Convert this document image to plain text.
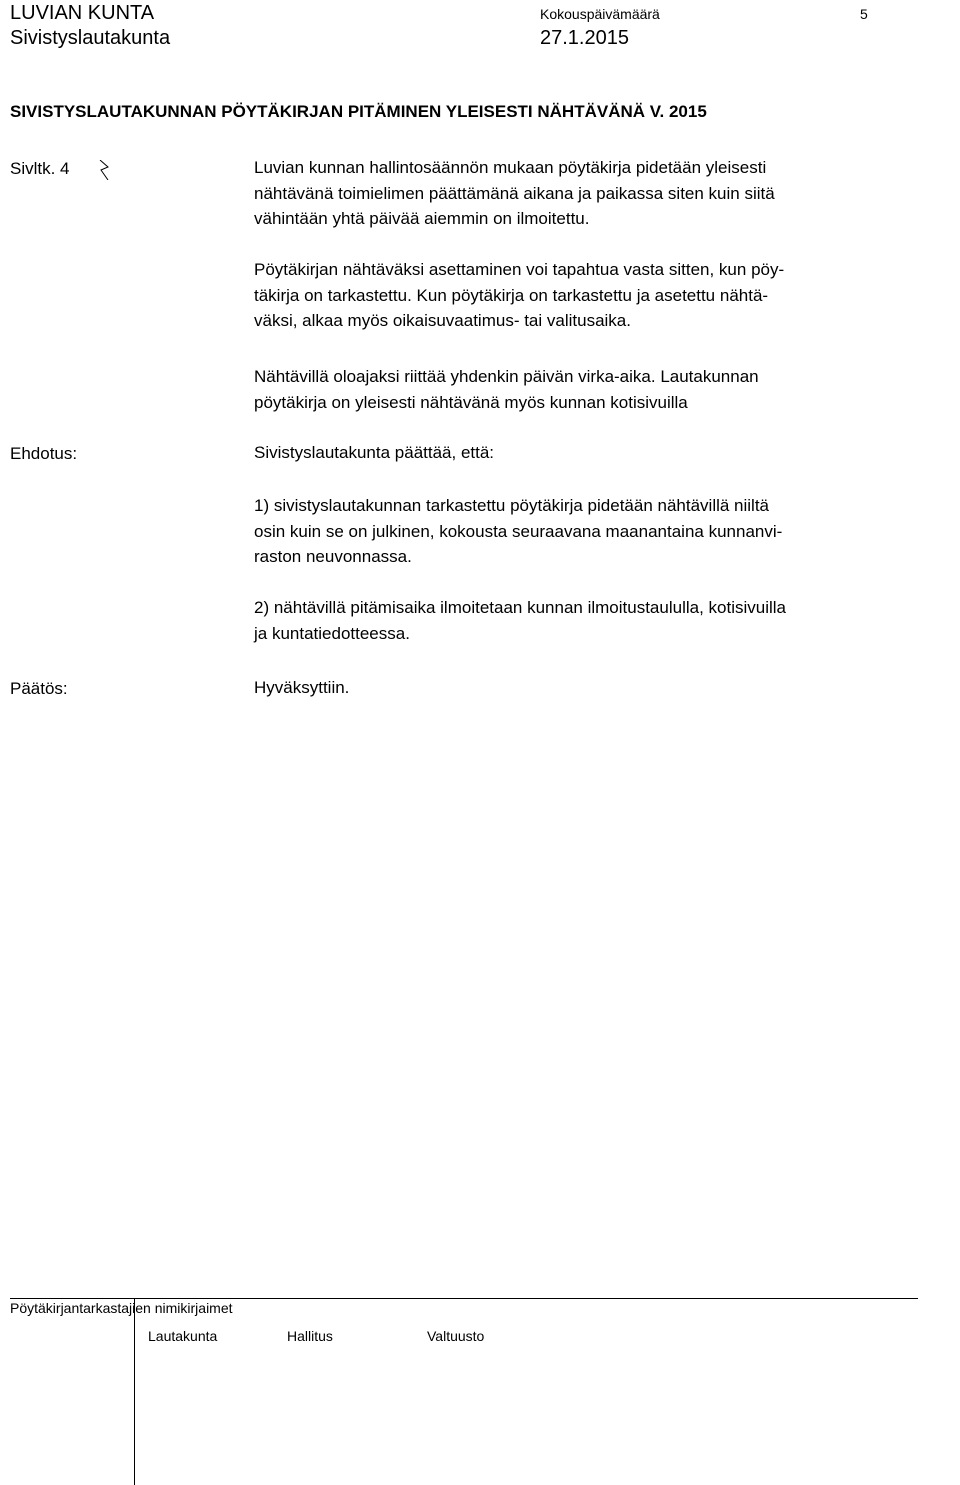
LUVIAN KUNTA
Sivistyslautakunta
Kokouspäivämäärä	5
27.1.2015
SIVISTYSLAUTAKUNNAN PÖYTÄKIRJAN PITÄMINEN YLEISESTI NÄHTÄVÄNÄ V. 2015
Sivltk. 4	Luvian kunnan hallintosäännön mukaan pöytäkirja pidetään yleisesti
nähtävänä toimielimen päättämänä aikana ja paikassa siten kuin siitä
vähintään yhtä päivää aiemmin on ilmoitettu.
Pöytäkirjan nähtäväksi asettaminen voi tapahtua vasta sitten, kun pöy-
täkirja on tarkastettu. Kun pöytäkirja on tarkastettu ja asetettu nähtä-
väksi, alkaa myös oikaisuvaatimus- tai valitusaika.
Nähtävillä oloajaksi riittää yhdenkin päivän virka-aika. Lautakunnan
pöytäkirja on yleisesti nähtävänä myös kunnan kotisivuilla
Ehdotus:	Sivistyslautakunta päättää, että:
1) sivistyslautakunnan tarkastettu pöytäkirja pidetään nähtävillä niiltä
osin kuin se on julkinen, kokousta seuraavana maanantaina kunnanvi-
raston neuvonnassa.
2) nähtävillä pitämisaika ilmoitetaan kunnan ilmoitustaululla, kotisivuilla
ja kuntatiedotteessa.
Päätös:	Hyväksyttiin.
Pöytäkirjantarkastajien nimikirjaimet
Lautakunta	Hallitus	Valtuusto
